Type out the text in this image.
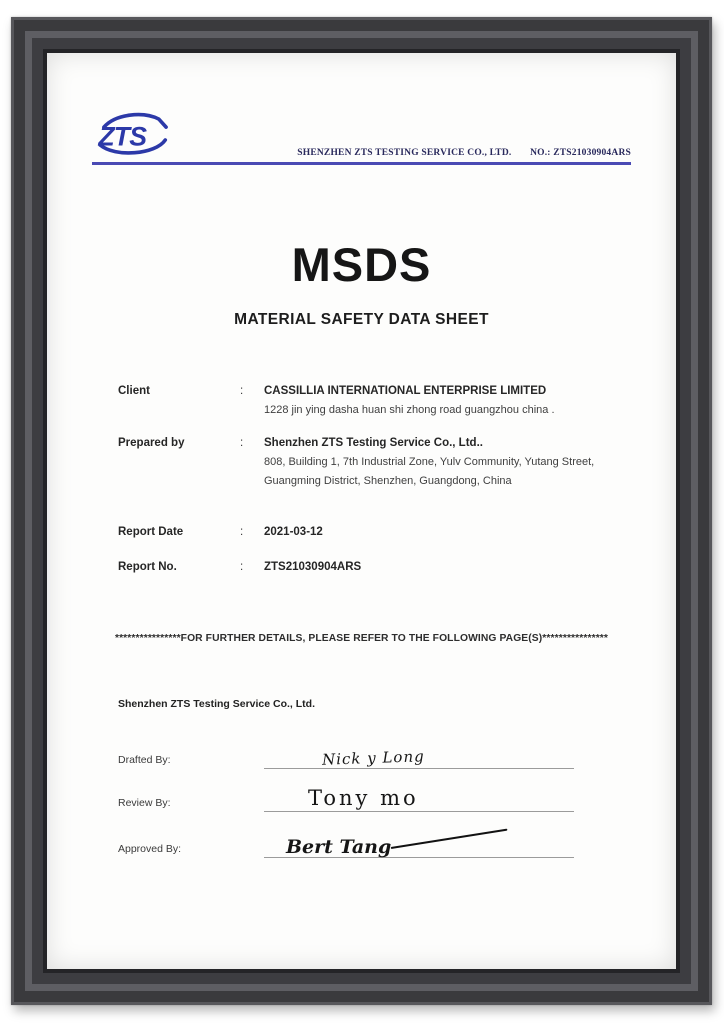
ZTS
SHENZHEN ZTS TESTING SERVICE CO., LTD. NO.: ZTS21030904ARS
MSDS
MATERIAL SAFETY DATA SHEET
Client	:	CASSILLIA INTERNATIONAL ENTERPRISE LIMITED
1228 jin ying dasha huan shi zhong road guangzhou china .
Prepared by	:	Shenzhen ZTS Testing Service Co., Ltd..
808, Building 1, 7th Industrial Zone, Yulv Community, Yutang Street,
Guangming District, Shenzhen, Guangdong, China
Report Date	:	2021-03-12
Report No.	:	ZTS21030904ARS
****************FOR FURTHER DETAILS, PLEASE REFER TO THE FOLLOWING PAGE(S)****************
Shenzhen ZTS Testing Service Co., Ltd.
Drafted By:	Nick y Long
Review By:	Tony mo
Approved By:	Bert Tang
